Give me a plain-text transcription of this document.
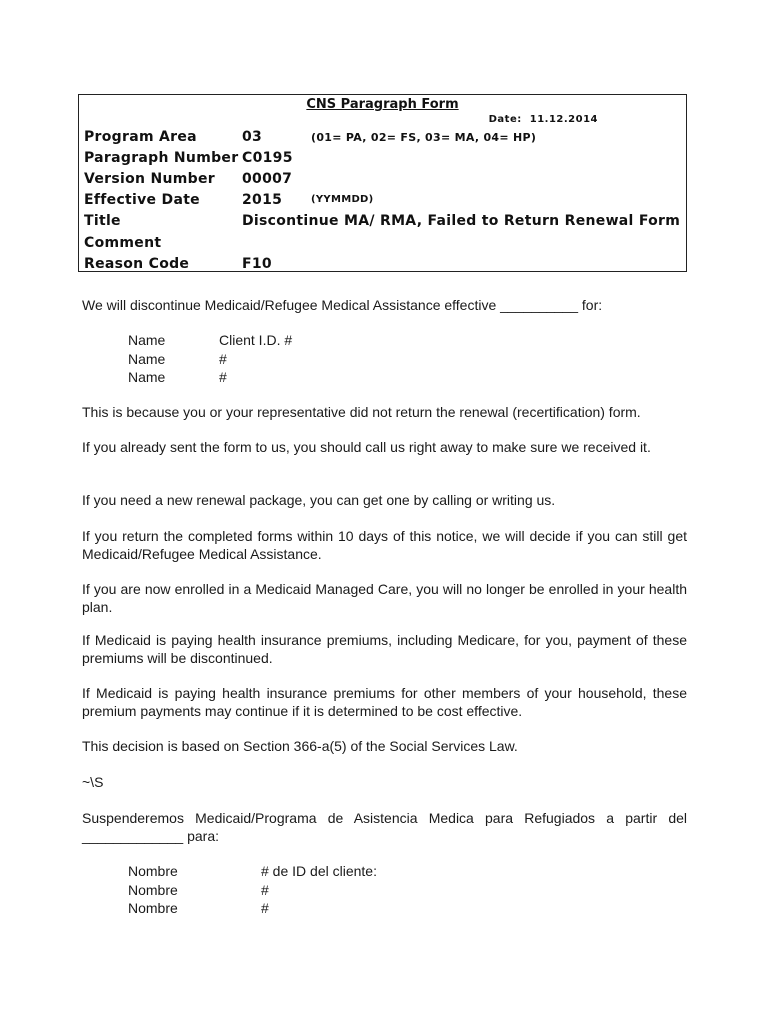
CNS Paragraph Form
Date: 11.12.2014
Program Area	03	(01= PA, 02= FS, 03= MA, 04= HP)
Paragraph Number C0195
Version Number 00007
Effective Date	2015	(YYMMDD)
Title	Discontinue MA/ RMA, Failed to Return Renewal Form
Comment
Reason Code	F10
We will discontinue Medicaid/Refugee Medical Assistance effective __________ for:
Name	Client I.D. #
Name	#
Name	#
This is because you or your representative did not return the renewal (recertification) form.
If you already sent the form to us, you should call us right away to make sure we received it.
If you need a new renewal package, you can get one by calling or writing us.
If you return the completed forms within 10 days of this notice, we will decide if you can still get Medicaid/Refugee Medical Assistance.
If you are now enrolled in a Medicaid Managed Care, you will no longer be enrolled in your health plan.
If Medicaid is paying health insurance premiums, including Medicare, for you, payment of these premiums will be discontinued.
If Medicaid is paying health insurance premiums for other members of your household, these premium payments may continue if it is determined to be cost effective.
This decision is based on Section 366-a(5) of the Social Services Law.
~\S
Suspenderemos Medicaid/Programa de Asistencia Medica para Refugiados a partir del _____________ para:
Nombre	# de ID del cliente:
Nombre	#
Nombre	#
